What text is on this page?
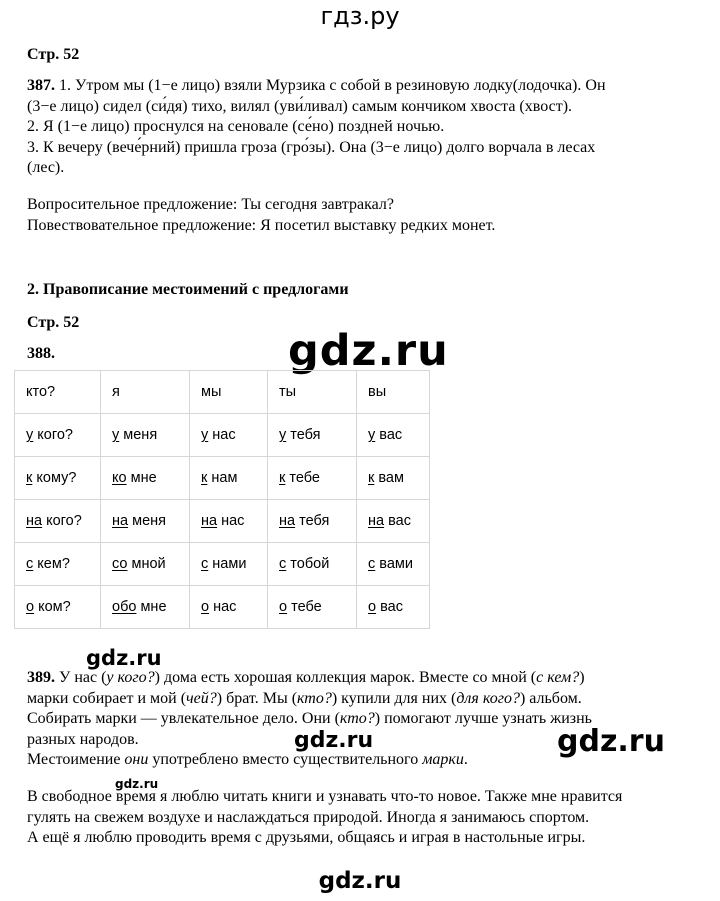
гдз.ру
Стр. 52
387. 1. Утром мы (1−е лицо) взяли Мурзика с собой в резиновую лодку(лодочка). Он
(3−е лицо) сидел (си́дя) тихо, вилял (уви́ливал) самым кончиком хвоста (хвост).
2. Я (1−е лицо) проснулся на сеновале (се́но) поздней ночью.
3. К вечеру (вече́рний) пришла гроза (гро́зы). Она (3−е лицо) долго ворчала в лесах
(лес).
Вопросительное предложение: Ты сегодня завтракал?
Повествовательное предложение: Я посетил выставку редких монет.
2. Правописание местоимений с предлогами
Стр. 52
388.	gdz.ru
кто?	я	мы	ты	вы
у кого?	у меня	у нас	у тебя	у вас
к кому?	ко мне	к нам	к тебе	к вам
на кого?	на меня	на нас	на тебя	на вас
с кем?	со мной	с нами	с тобой	с вами
о ком?	обо мне	о нас	о тебе	о вас
gdz.ru
389. У нас (у кого?) дома есть хорошая коллекция марок. Вместе со мной (с кем?)
марки собирает и мой (чей?) брат. Мы (кто?) купили для них (для кого?) альбом.
Собирать марки — увлекательное дело. Они (кто?) помогают лучше узнать жизнь
разных народов.
Местоимение они употреблено вместо существительного марки.
gdz.ru	gdz.ru
gdz.ru
В свободное время я люблю читать книги и узнавать что-то новое. Также мне нравится
гулять на свежем воздухе и наслаждаться природой. Иногда я занимаюсь спортом.
А ещё я люблю проводить время с друзьями, общаясь и играя в настольные игры.
gdz.ru
